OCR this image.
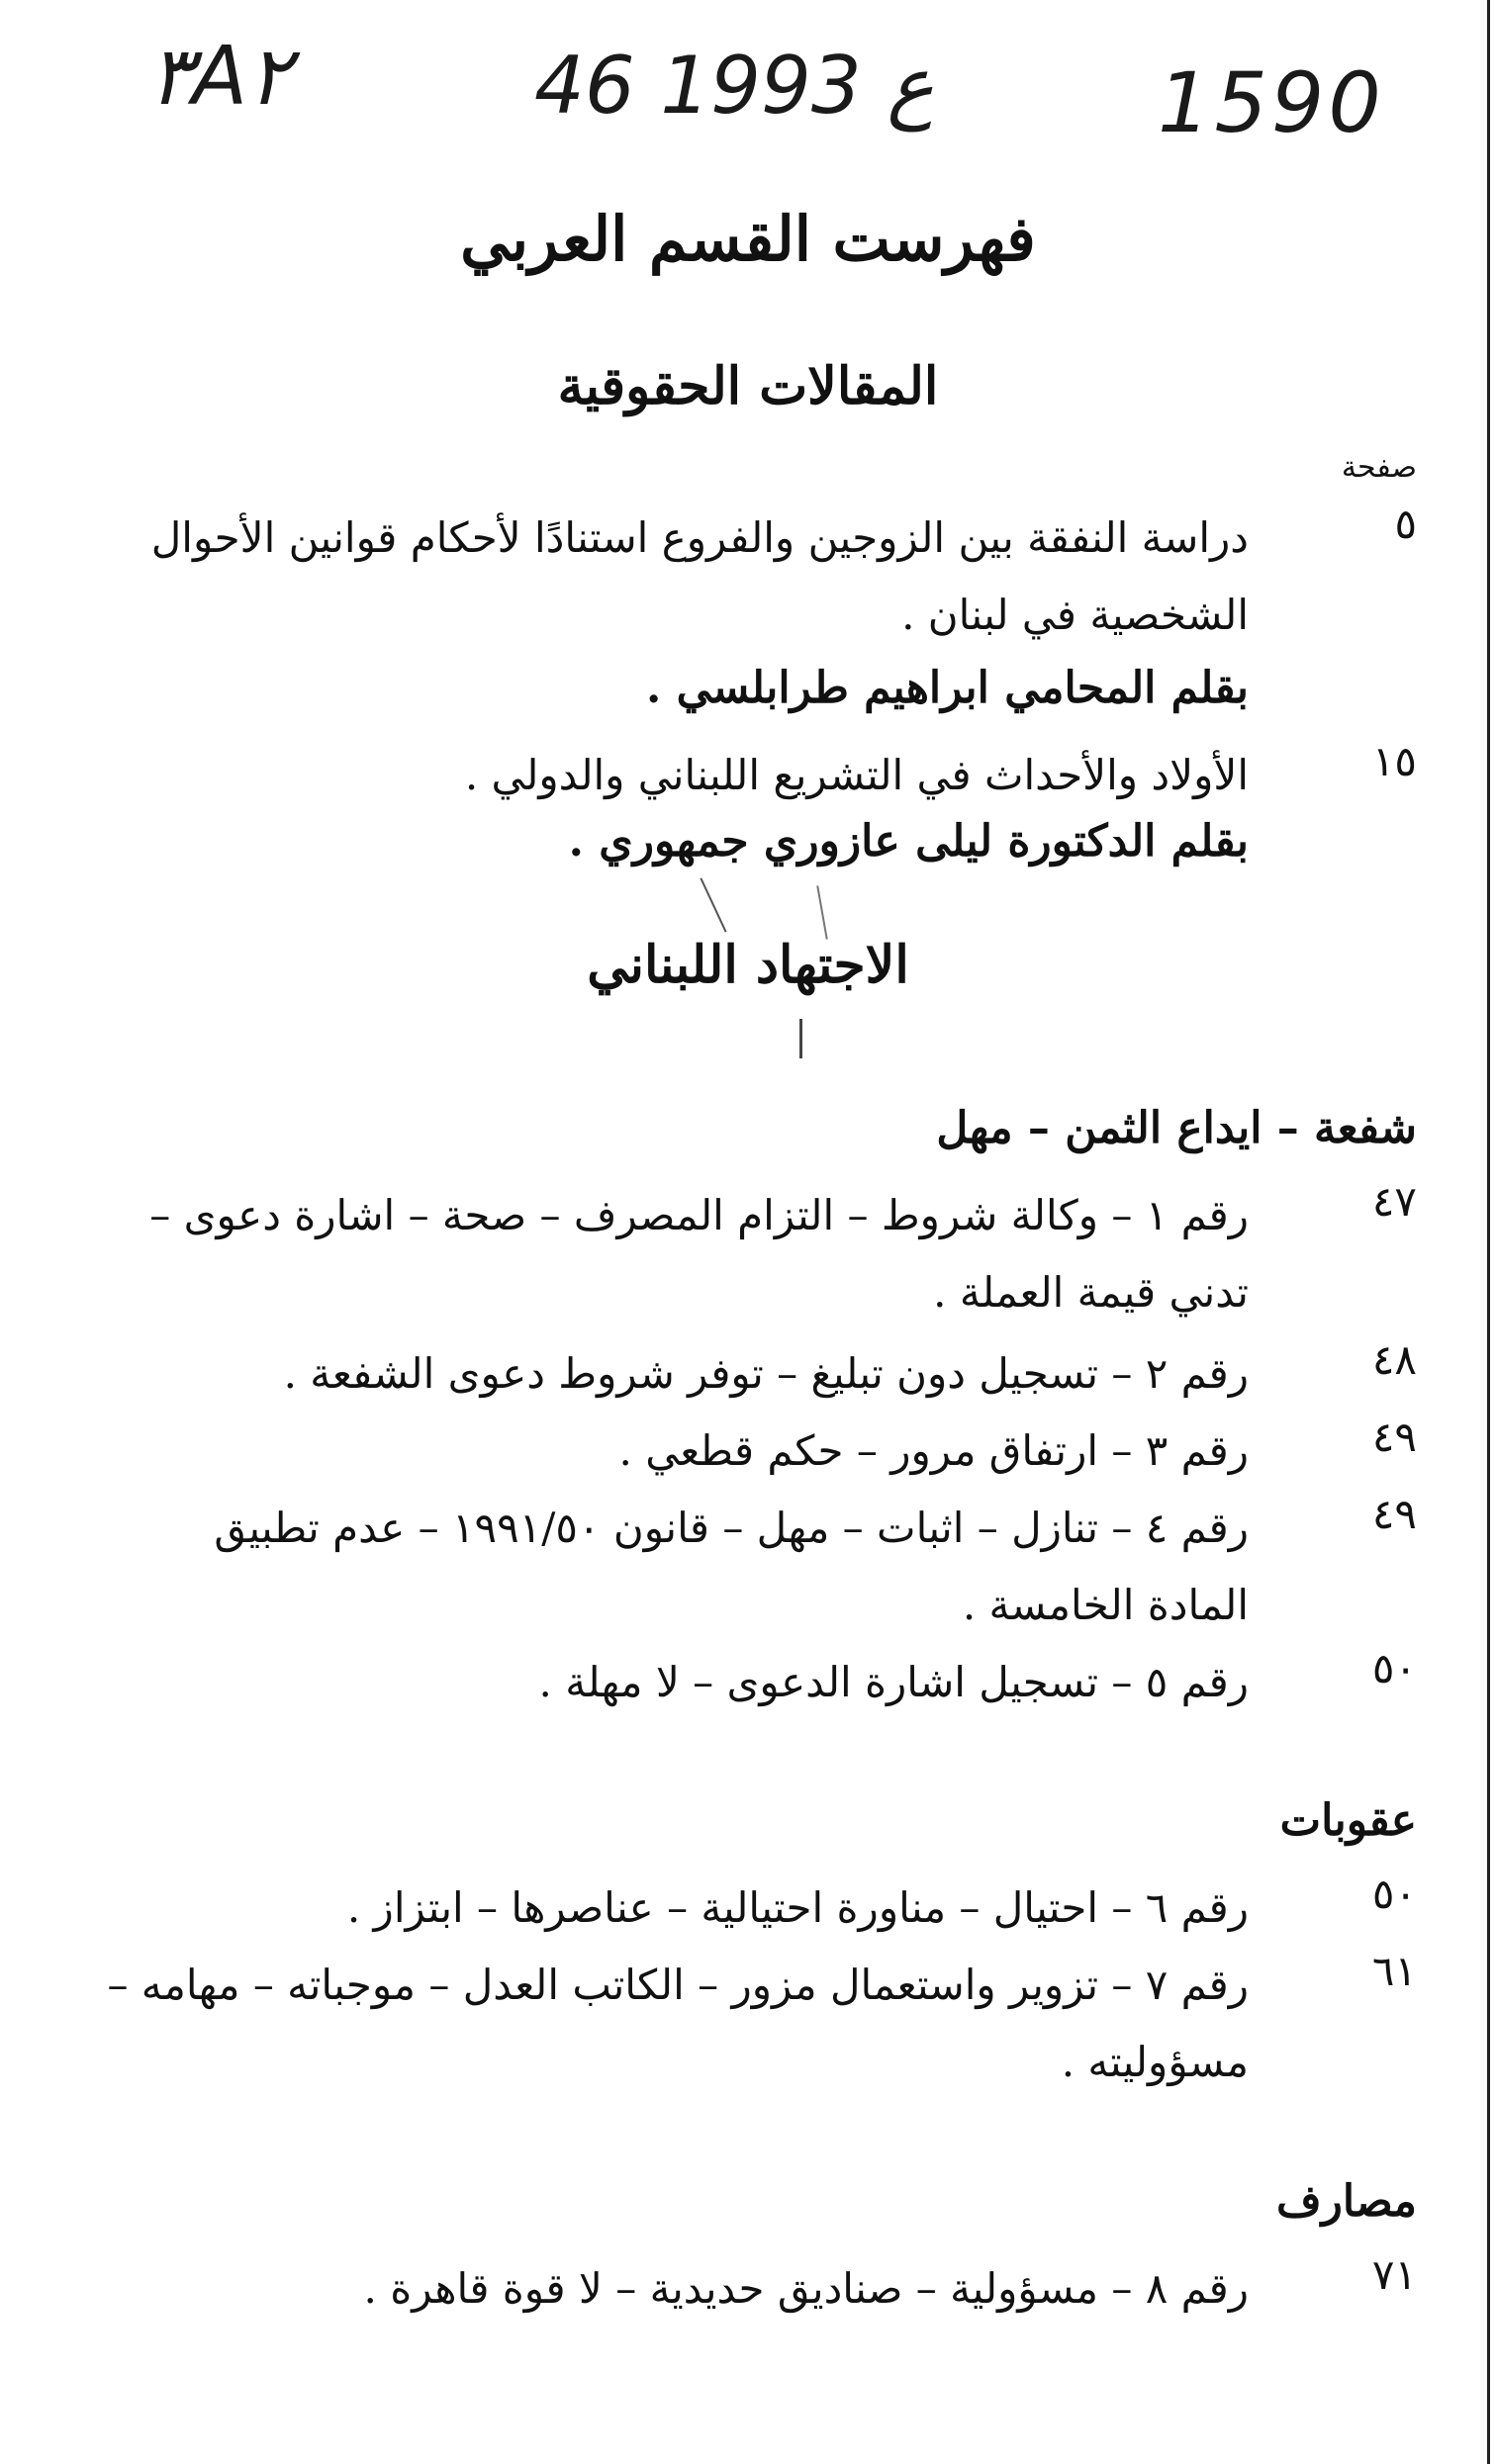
٣A٢	46 ع 1993	1590
فهرست القسم العربي
المقالات الحقوقية
صفحة
٥
دراسة النفقة بين الزوجين والفروع استنادًا لأحكام قوانين الأحوال
الشخصية في لبنان .
بقلم المحامي ابراهيم طرابلسي .
١٥
الأولاد والأحداث في التشريع اللبناني والدولي .
بقلم الدكتورة ليلى عازوري جمهوري .
الاجتهاد اللبناني
شفعة – ايداع الثمن – مهل
٤٧
رقم ١ – وكالة شروط – التزام المصرف – صحة – اشارة دعوى –
تدني قيمة العملة .
٤٨
رقم ٢ – تسجيل دون تبليغ – توفر شروط دعوى الشفعة .
٤٩
رقم ٣ – ارتفاق مرور – حكم قطعي .
٤٩
رقم ٤ – تنازل – اثبات – مهل – قانون ١٩٩١/٥٠ – عدم تطبيق
المادة الخامسة .
٥٠
رقم ٥ – تسجيل اشارة الدعوى – لا مهلة .
عقوبات
٥٠
رقم ٦ – احتيال – مناورة احتيالية – عناصرها – ابتزاز .
٦١
رقم ٧ – تزوير واستعمال مزور – الكاتب العدل – موجباته – مهامه –
مسؤوليته .
مصارف
٧١
رقم ٨ – مسؤولية – صناديق حديدية – لا قوة قاهرة .
